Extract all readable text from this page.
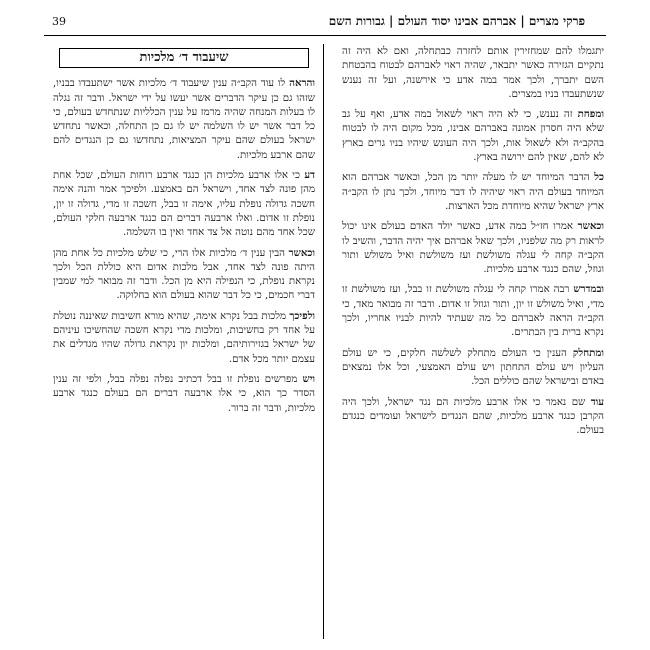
פרקי מצרים | אברהם אבינו יסוד העולם | גבורות השם
39

יתגמלו להם שמחזירין אותם לחזרה כבתחלה, ואם לא היה זה נתקיים הגזירה כאשר יתבאר, שהיה ראוי לאברהם לבטוח בהבטחת השם יתברך, ולכך אמר במה אדע כי אירשנה, ועל זה נענש שנשתעבדו בניו במצרים.

ומפחת זה נענש, כי לא היה ראוי לשאול במה אדע, ואף על גב שלא היה חסרון אמונה באברהם אבינו, מכל מקום היה לו לבטוח בהקב״ה ולא לשאול אות, ולכך היה העונש שיהיו בניו גרים בארץ לא להם, שאין להם ירושה בארץ.

כל הדבר המיוחד יש לו מעלה יותר מן הכל, וכאשר אברהם הוא המיוחד בעולם היה ראוי שיהיה לו דבר מיוחד, ולכך נתן לו הקב״ה ארץ ישראל שהיא מיוחדת מכל הארצות.

וכאשר אמרו חז״ל במה אדע, כאשר יולד האדם בעולם אינו יכול לראות רק מה שלפניו, ולכך שאל אברהם איך יהיה הדבר, והשיב לו הקב״ה קחה לי עגלה משולשת ועז משולשת ואיל משולש ותור וגוזל, שהם כנגד ארבע מלכיות.

ובמדרש רבה אמרו קחה לי עגלה משולשת זו בבל, ועז משולשת זו מדי, ואיל משולש זו יון, ותור וגוזל זו אדום. ודבר זה מבואר מאד, כי הקב״ה הראה לאברהם כל מה שעתיד להיות לבניו אחריו, ולכך נקרא ברית בין הבתרים.

ומתחלק הענין כי העולם מתחלק לשלשה חלקים, כי יש עולם העליון ויש עולם התחתון ויש עולם האמצעי, וכל אלו נמצאים באדם ובישראל שהם כוללים הכל.

עוד שם נאמר כי אלו ארבע מלכיות הם נגד ישראל, ולכך היה הקרבן כנגד ארבע מלכיות, שהם הנגדים לישראל ועומדים כנגדם בעולם.

שיעבוד ד׳ מלכיות

והראה לו עוד הקב״ה ענין שיעבוד ד׳ מלכיות אשר ישתעבדו בבניו, שזהו גם כן עיקר הדברים אשר יעשו על ידי ישראל. ודבר זה נגלה לו בעלות המנחה שהיה מרמז על ענין הכלליות שנתחדש בעולם, כי כל דבר אשר יש לו השלמה יש לו גם כן התחלה, וכאשר נתחדש ישראל בעולם שהם עיקר המציאות, נתחדשו גם כן הנגדים להם שהם ארבע מלכיות.

דע כי אלו ארבע מלכיות הן כנגד ארבע רוחות העולם, שכל אחת מהן פונה לצד אחד, וישראל הם באמצע. ולפיכך אמר והנה אימה חשכה גדולה נופלת עליו, אימה זו בבל, חשכה זו מדי, גדולה זו יון, נופלת זו אדום. ואלו ארבעה דברים הם כנגד ארבעה חלקי העולם, שכל אחד מהם נוטה אל צד אחד ואין בו השלמה.

וכאשר הבין ענין ד׳ מלכיות אלו הרי, כי שלש מלכיות כל אחת מהן היתה פונה לצד אחד, אבל מלכות אדום היא כוללת הכל ולכך נקראת נופלת, כי הנפילה היא מן הכל. ודבר זה מבואר למי שמבין דברי חכמים, כי כל דבר שהוא בעולם הוא בחלוקה.

ולפיכך מלכות בבל נקרא אימה, שהיא מורא חשיבות שאיננה נוטלת על אחד רק בחשיבות, ומלכות מדי נקרא חשכה שהחשיכו עיניהם של ישראל בגזירותיהם, ומלכות יון נקראת גדולה שהיו מגדלים את עצמם יותר מכל אדם.

ויש מפרשים נופלת זו בבל דכתיב נפלה נפלה בבל, ולפי זה ענין הסדר כך הוא, כי אלו ארבעה דברים הם בעולם כנגד ארבע מלכיות, ודבר זה ברור.
